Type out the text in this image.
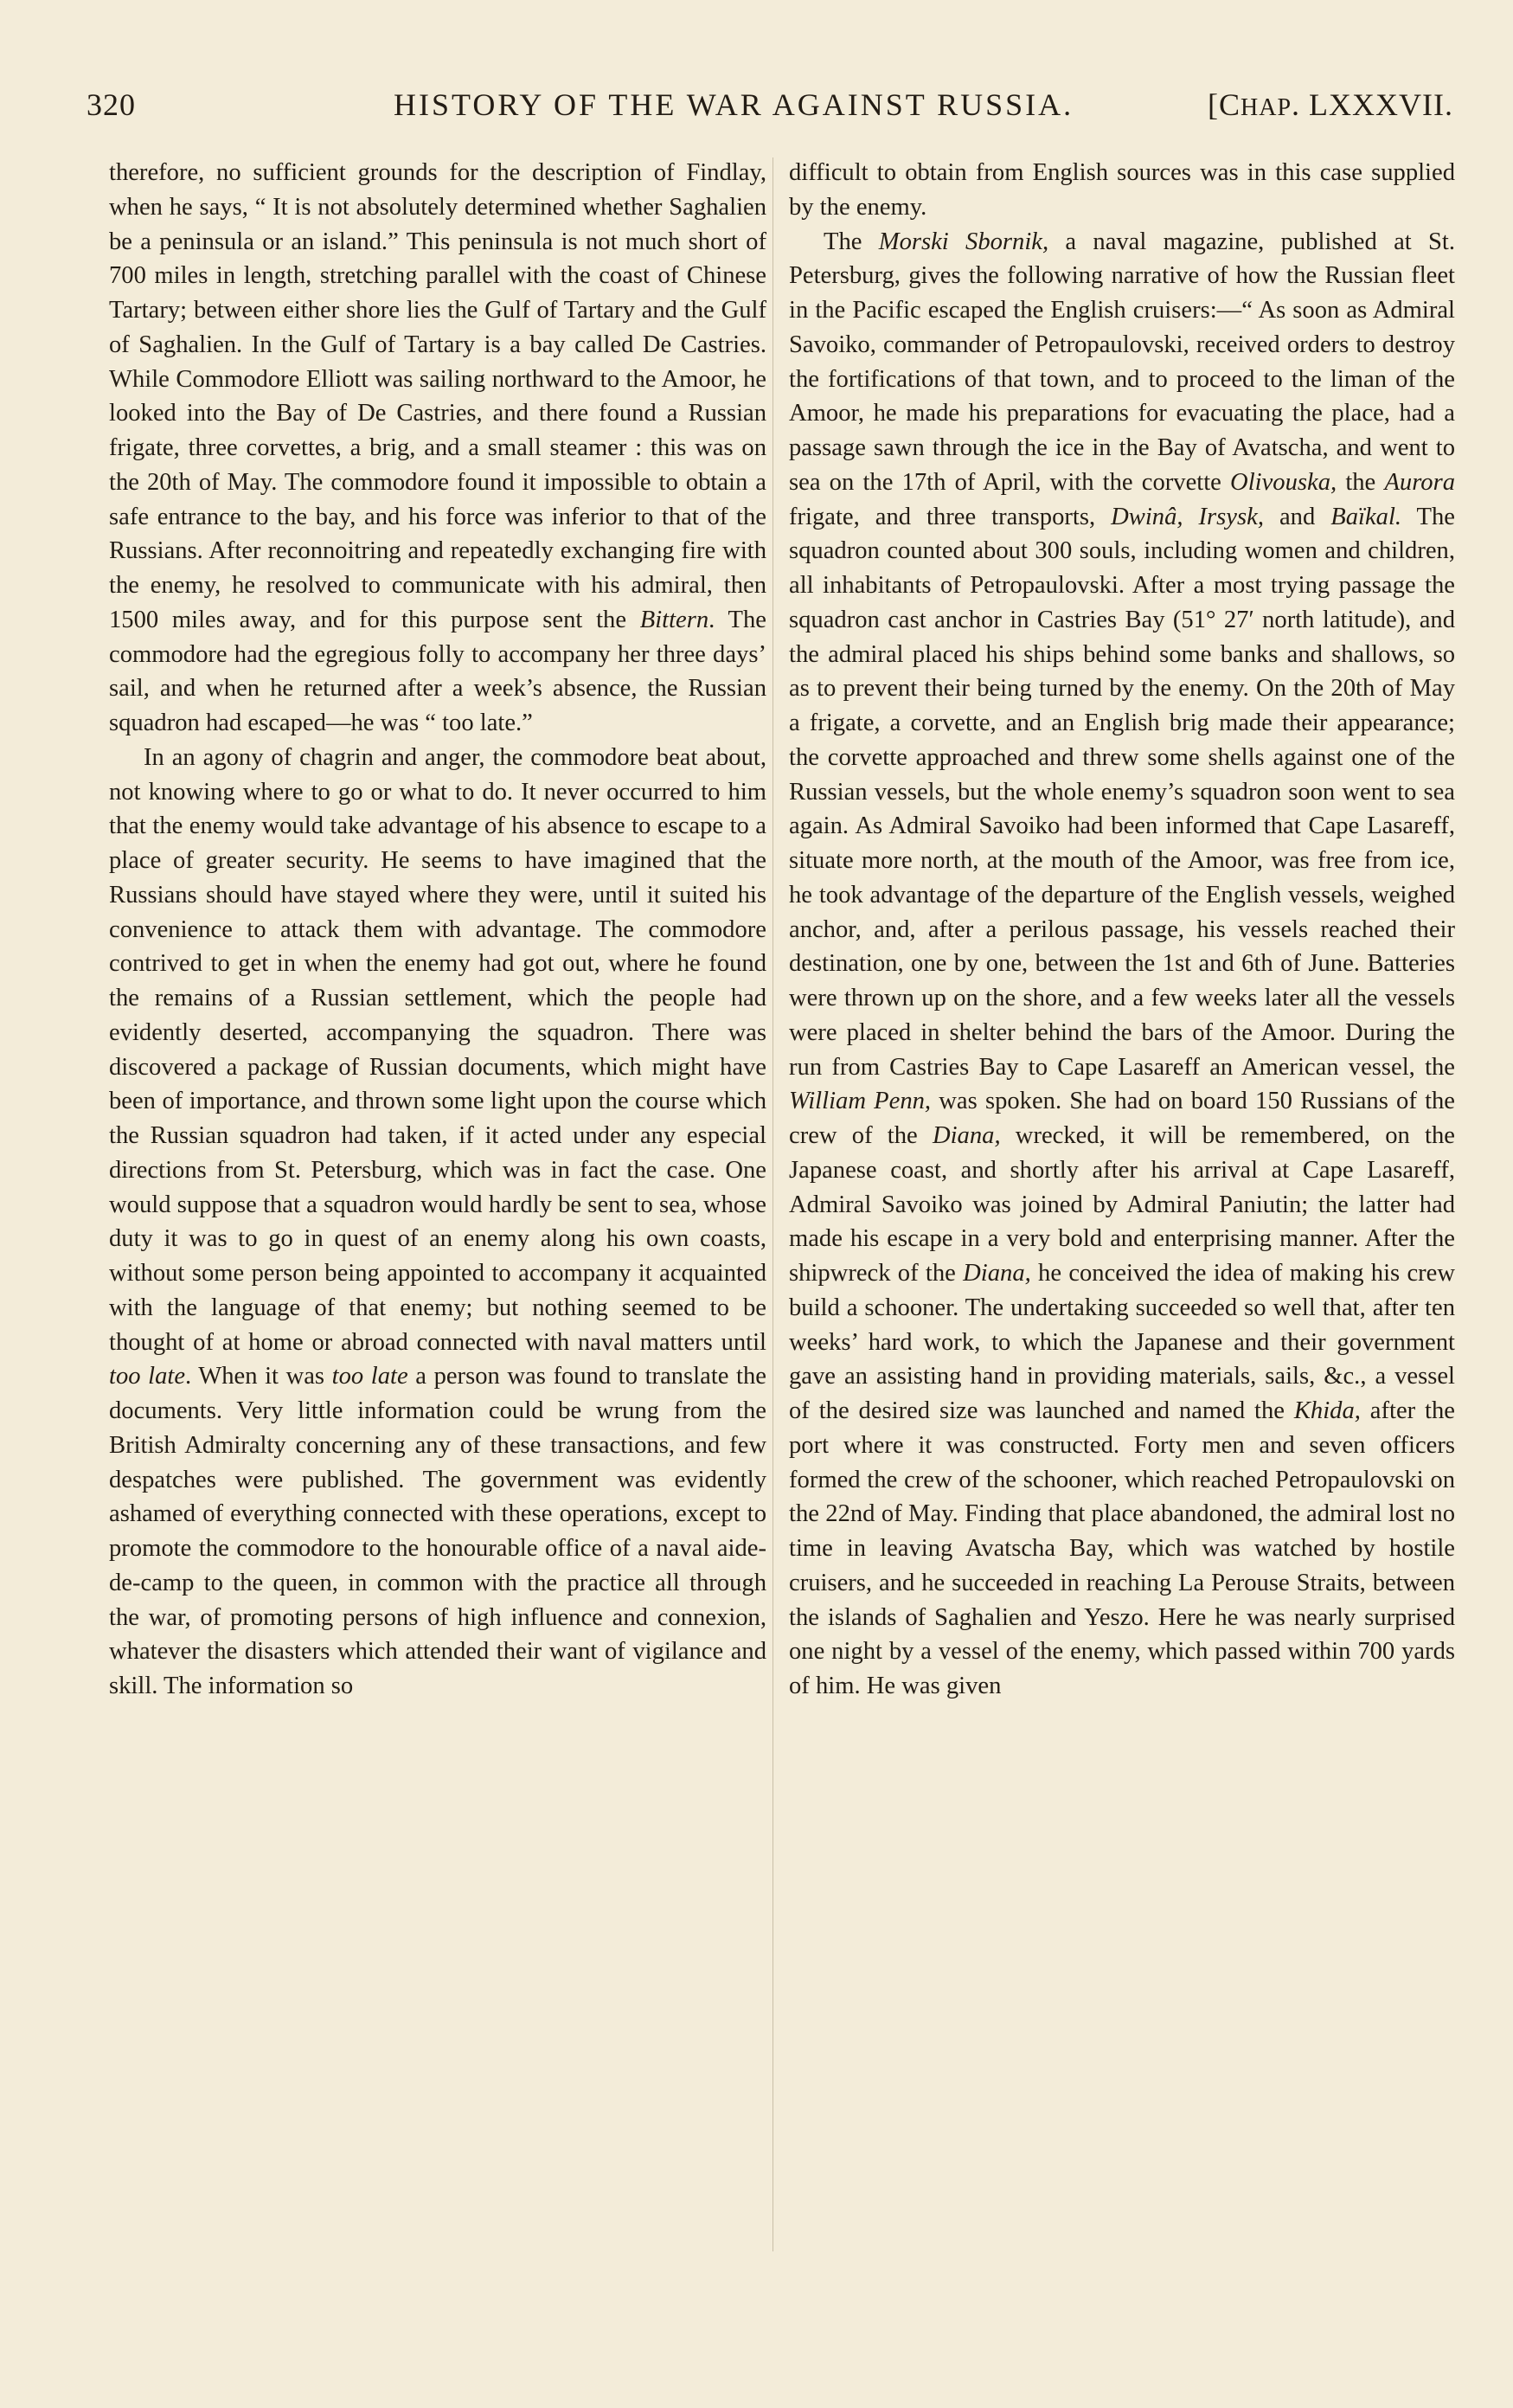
320	HISTORY OF THE WAR AGAINST RUSSIA.	[CHAP. LXXXVII.

therefore, no sufficient grounds for the description of Findlay, when he says, “ It is not absolutely determined whether Saghalien be a peninsula or an island.” This peninsula is not much short of 700 miles in length, stretching parallel with the coast of Chinese Tartary; between either shore lies the Gulf of Tartary and the Gulf of Saghalien. In the Gulf of Tartary is a bay called De Castries. While Commodore Elliott was sailing northward to the Amoor, he looked into the Bay of De Castries, and there found a Russian frigate, three corvettes, a brig, and a small steamer : this was on the 20th of May. The commodore found it impossible to obtain a safe entrance to the bay, and his force was inferior to that of the Russians. After reconnoitring and repeatedly exchanging fire with the enemy, he resolved to communicate with his admiral, then 1500 miles away, and for this purpose sent the Bittern. The commodore had the egregious folly to accompany her three days’ sail, and when he returned after a week’s absence, the Russian squadron had escaped—he was “ too late.”

In an agony of chagrin and anger, the commodore beat about, not knowing where to go or what to do. It never occurred to him that the enemy would take advantage of his absence to escape to a place of greater security. He seems to have imagined that the Russians should have stayed where they were, until it suited his convenience to attack them with advantage. The commodore contrived to get in when the enemy had got out, where he found the remains of a Russian settlement, which the people had evidently deserted, accompanying the squadron. There was discovered a package of Russian documents, which might have been of importance, and thrown some light upon the course which the Russian squadron had taken, if it acted under any especial directions from St. Petersburg, which was in fact the case. One would suppose that a squadron would hardly be sent to sea, whose duty it was to go in quest of an enemy along his own coasts, without some person being appointed to accompany it acquainted with the language of that enemy; but nothing seemed to be thought of at home or abroad connected with naval matters until too late. When it was too late a person was found to translate the documents. Very little information could be wrung from the British Admiralty concerning any of these transactions, and few despatches were published. The government was evidently ashamed of everything connected with these operations, except to promote the commodore to the honourable office of a naval aide-de-camp to the queen, in common with the practice all through the war, of promoting persons of high influence and connexion, whatever the disasters which attended their want of vigilance and skill. The information so

difficult to obtain from English sources was in this case supplied by the enemy.

The Morski Sbornik, a naval magazine, published at St. Petersburg, gives the following narrative of how the Russian fleet in the Pacific escaped the English cruisers:—“ As soon as Admiral Savoiko, commander of Petropaulovski, received orders to destroy the fortifications of that town, and to proceed to the liman of the Amoor, he made his preparations for evacuating the place, had a passage sawn through the ice in the Bay of Avatscha, and went to sea on the 17th of April, with the corvette Olivouska, the Aurora frigate, and three transports, Dwinâ, Irsysk, and Baïkal. The squadron counted about 300 souls, including women and children, all inhabitants of Petropaulovski. After a most trying passage the squadron cast anchor in Castries Bay (51° 27′ north latitude), and the admiral placed his ships behind some banks and shallows, so as to prevent their being turned by the enemy. On the 20th of May a frigate, a corvette, and an English brig made their appearance; the corvette approached and threw some shells against one of the Russian vessels, but the whole enemy’s squadron soon went to sea again. As Admiral Savoiko had been informed that Cape Lasareff, situate more north, at the mouth of the Amoor, was free from ice, he took advantage of the departure of the English vessels, weighed anchor, and, after a perilous passage, his vessels reached their destination, one by one, between the 1st and 6th of June. Batteries were thrown up on the shore, and a few weeks later all the vessels were placed in shelter behind the bars of the Amoor. During the run from Castries Bay to Cape Lasareff an American vessel, the William Penn, was spoken. She had on board 150 Russians of the crew of the Diana, wrecked, it will be remembered, on the Japanese coast, and shortly after his arrival at Cape Lasareff, Admiral Savoiko was joined by Admiral Paniutin; the latter had made his escape in a very bold and enterprising manner. After the shipwreck of the Diana, he conceived the idea of making his crew build a schooner. The undertaking succeeded so well that, after ten weeks’ hard work, to which the Japanese and their government gave an assisting hand in providing materials, sails, &c., a vessel of the desired size was launched and named the Khida, after the port where it was constructed. Forty men and seven officers formed the crew of the schooner, which reached Petropaulovski on the 22nd of May. Finding that place abandoned, the admiral lost no time in leaving Avatscha Bay, which was watched by hostile cruisers, and he succeeded in reaching La Perouse Straits, between the islands of Saghalien and Yeszo. Here he was nearly surprised one night by a vessel of the enemy, which passed within 700 yards of him. He was given
